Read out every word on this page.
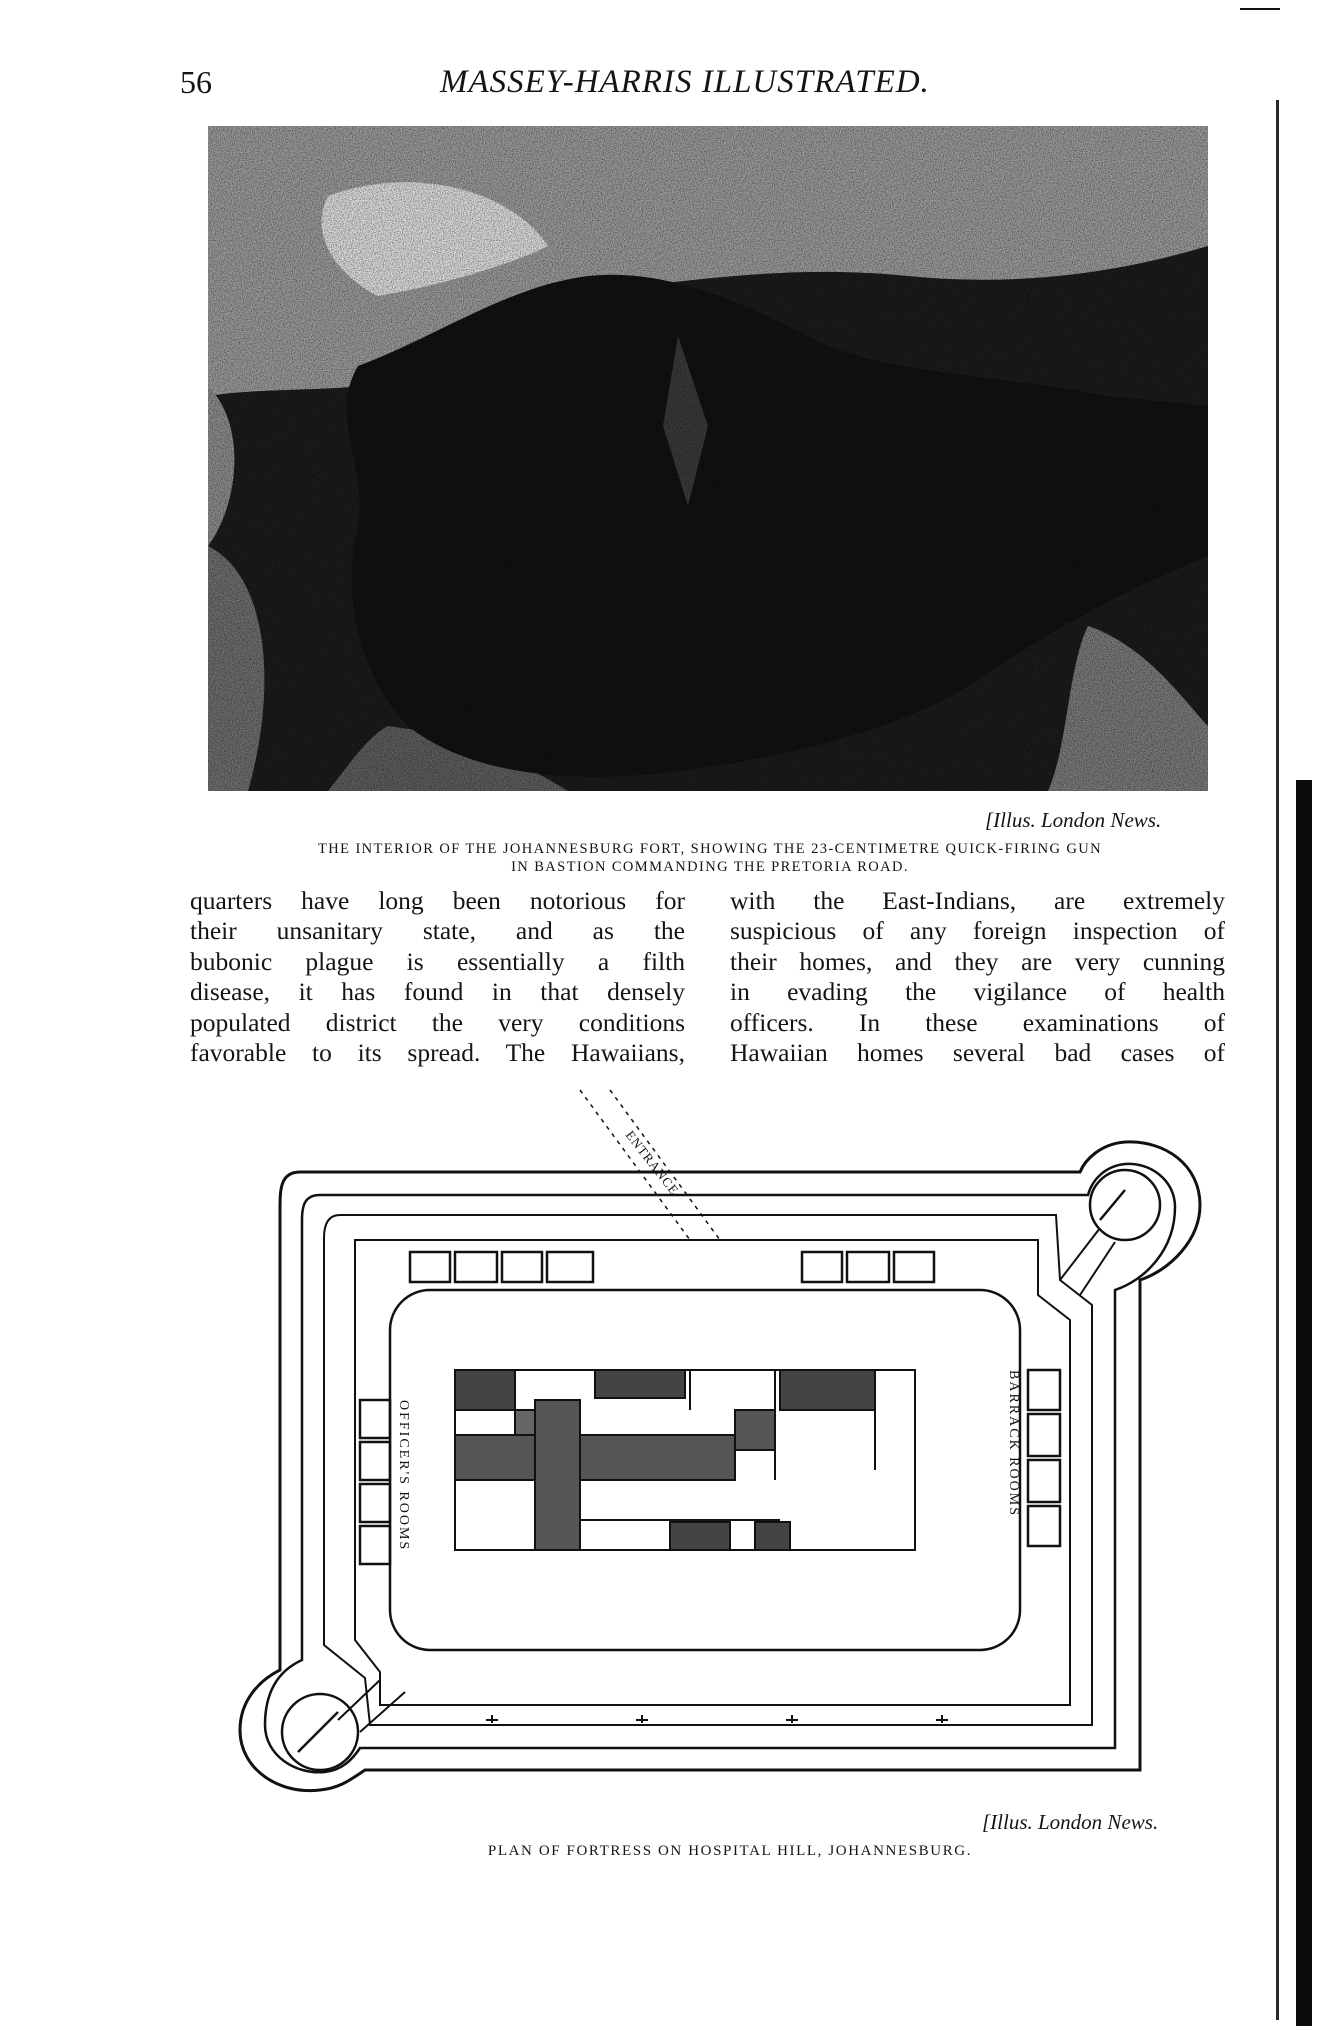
56	MASSEY-HARRIS ILLUSTRATED.
[Illus. London News.
THE INTERIOR OF THE JOHANNESBURG FORT, SHOWING THE 23-CENTIMETRE QUICK-FIRING GUN
IN BASTION COMMANDING THE PRETORIA ROAD.
quarters have long been notorious for
their unsanitary state, and as the
bubonic plague is essentially a filth
disease, it has found in that densely
populated district the very conditions
favorable to its spread. The Hawaiians,
with the East-Indians, are extremely
suspicious of any foreign inspection of
their homes, and they are very cunning
in evading the vigilance of health
officers. In these examinations of
Hawaiian homes several bad cases of
ENTRANCE
OFFICER'S ROOMS	BARRACK ROOMS
[Illus. London News.
PLAN OF FORTRESS ON HOSPITAL HILL, JOHANNESBURG.
